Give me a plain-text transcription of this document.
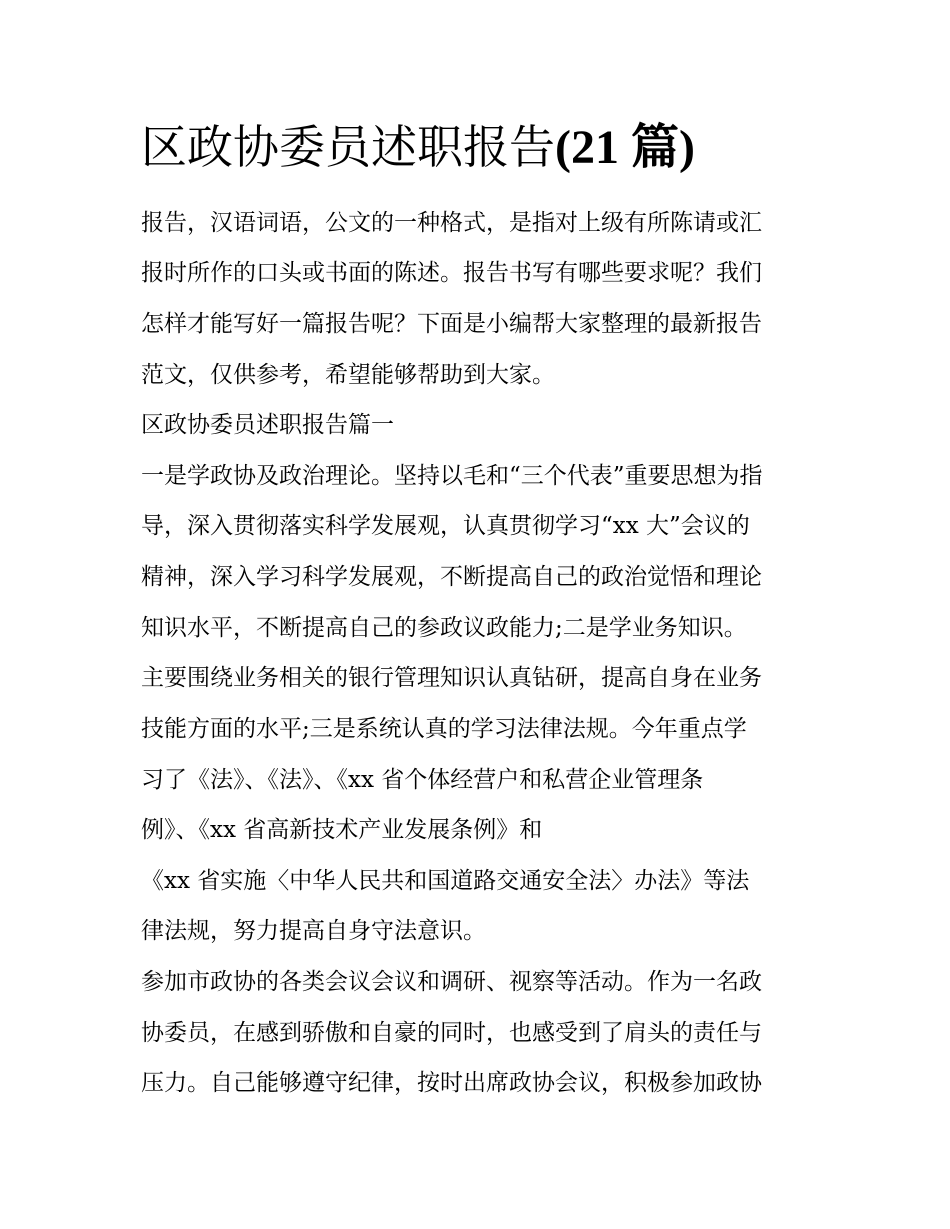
区政协委员述职报告(21 篇)

报告，汉语词语，公文的一种格式，是指对上级有所陈请或汇

报时所作的口头或书面的陈述。报告书写有哪些要求呢？我们

怎样才能写好一篇报告呢？下面是小编帮大家整理的最新报告

范文，仅供参考，希望能够帮助到大家。

区政协委员述职报告篇一

一是学政协及政治理论。坚持以毛和“三个代表”重要思想为指

导，深入贯彻落实科学发展观，认真贯彻学习“xx 大”会议的

精神，深入学习科学发展观，不断提高自己的政治觉悟和理论

知识水平，不断提高自己的参政议政能力;二是学业务知识。

主要围绕业务相关的银行管理知识认真钻研，提高自身在业务

技能方面的水平;三是系统认真的学习法律法规。今年重点学

习了《法》、《法》、《xx 省个体经营户和私营企业管理条

例》、《xx 省高新技术产业发展条例》和

《xx 省实施〈中华人民共和国道路交通安全法〉办法》等法

律法规，努力提高自身守法意识。

参加市政协的各类会议会议和调研、视察等活动。作为一名政

协委员，在感到骄傲和自豪的同时，也感受到了肩头的责任与

压力。自己能够遵守纪律，按时出席政协会议，积极参加政协
